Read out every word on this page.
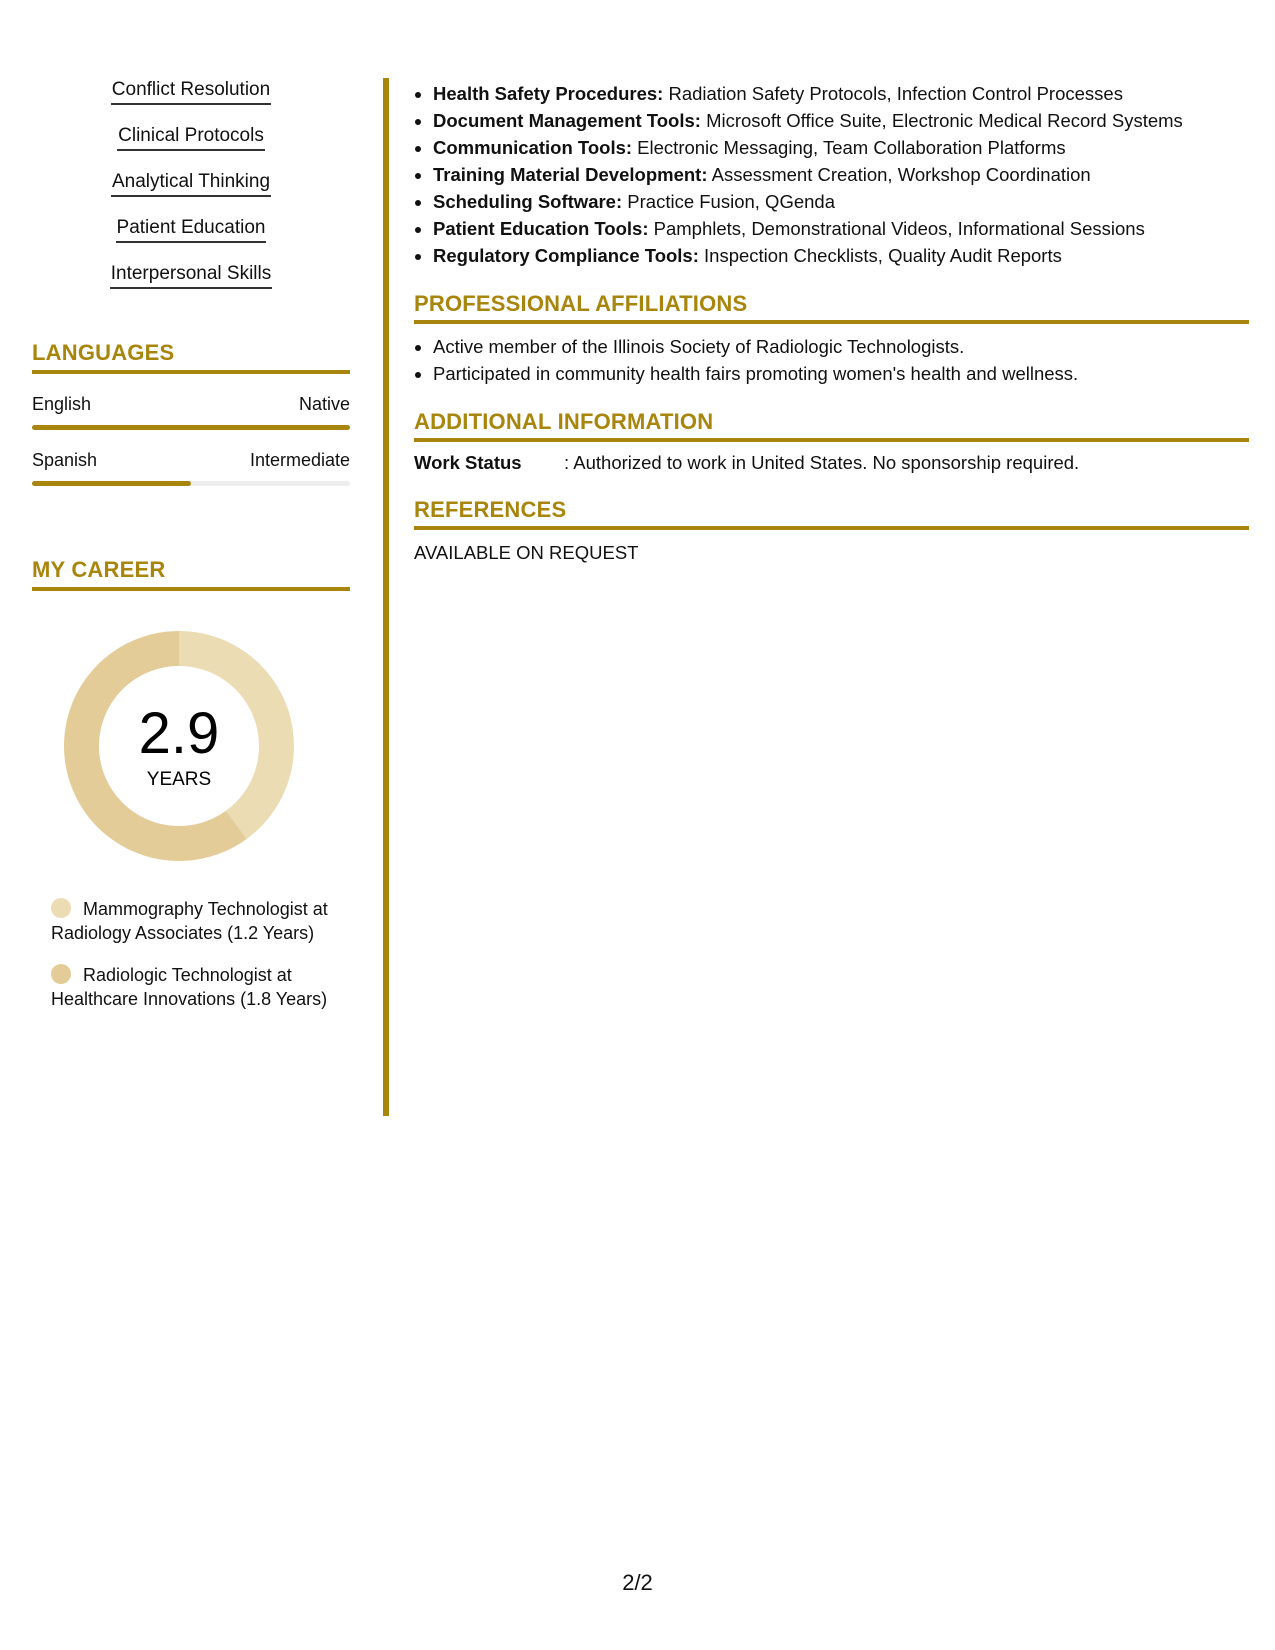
Conflict Resolution
Clinical Protocols
Analytical Thinking
Patient Education
Interpersonal Skills
LANGUAGES
English	Native
Spanish	Intermediate
MY CAREER
2.9
YEARS
Mammography Technologist at Radiology Associates (1.2 Years)
Radiologic Technologist at Healthcare Innovations (1.8 Years)
• Health Safety Procedures: Radiation Safety Protocols, Infection Control Processes
• Document Management Tools: Microsoft Office Suite, Electronic Medical Record Systems
• Communication Tools: Electronic Messaging, Team Collaboration Platforms
• Training Material Development: Assessment Creation, Workshop Coordination
• Scheduling Software: Practice Fusion, QGenda
• Patient Education Tools: Pamphlets, Demonstrational Videos, Informational Sessions
• Regulatory Compliance Tools: Inspection Checklists, Quality Audit Reports
PROFESSIONAL AFFILIATIONS
• Active member of the Illinois Society of Radiologic Technologists.
• Participated in community health fairs promoting women's health and wellness.
ADDITIONAL INFORMATION
Work Status	: Authorized to work in United States. No sponsorship required.
REFERENCES
AVAILABLE ON REQUEST
2/2
